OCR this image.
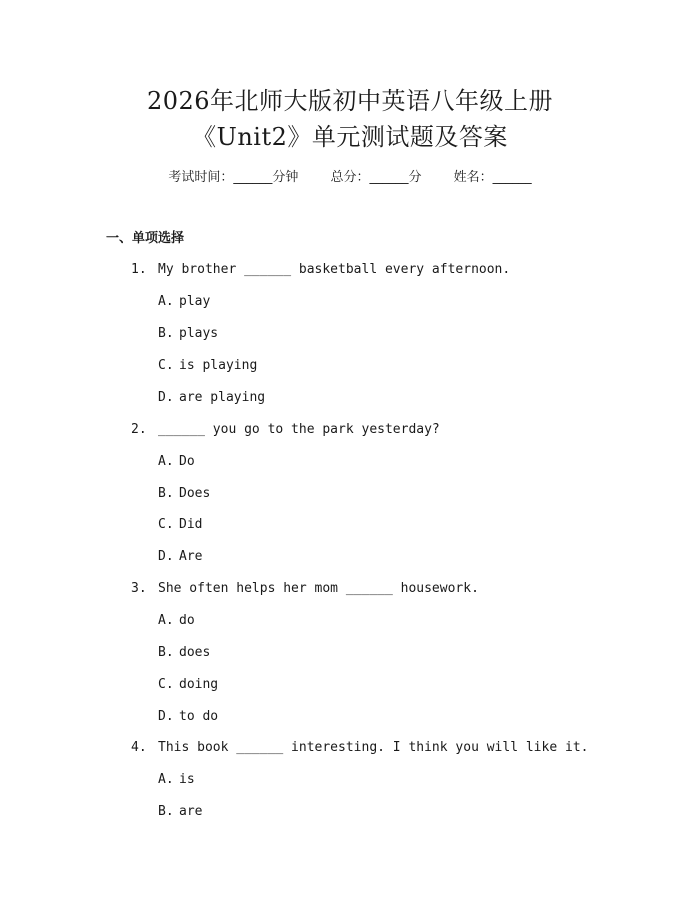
2026年北师大版初中英语八年级上册
《Unit2》单元测试题及答案
考试时间：______分钟 总分：______分 姓名：______
一、单项选择
1. My brother ______ basketball every afternoon.
A. play
B. plays
C. is playing
D. are playing
2. ______ you go to the park yesterday?
A. Do
B. Does
C. Did
D. Are
3. She often helps her mom ______ housework.
A. do
B. does
C. doing
D. to do
4. This book ______ interesting. I think you will like it.
A. is
B. are
